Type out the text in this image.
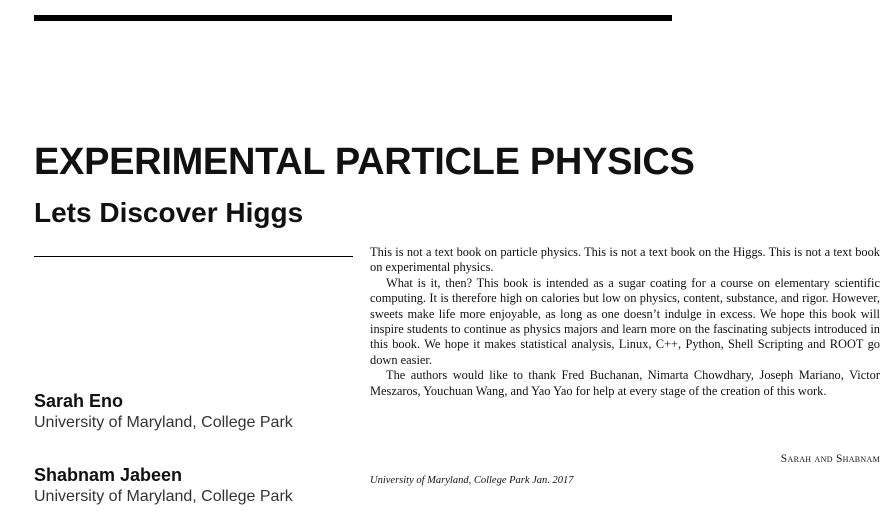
EXPERIMENTAL PARTICLE PHYSICS
Lets Discover Higgs
Sarah Eno
University of Maryland, College Park
Shabnam Jabeen
University of Maryland, College Park

This is not a text book on particle physics. This is not a text book on the Higgs. This is not a text book on experimental physics.

What is it, then? This book is intended as a sugar coating for a course on elementary scientific computing. It is therefore high on calories but low on physics, content, substance, and rigor. However, sweets make life more enjoyable, as long as one doesn’t indulge in excess. We hope this book will inspire students to continue as physics majors and learn more on the fascinating subjects introduced in this book. We hope it makes statistical analysis, Linux, C++, Python, Shell Scripting and ROOT go down easier.

The authors would like to thank Fred Buchanan, Nimarta Chowdhary, Joseph Mariano, Victor Meszaros, Youchuan Wang, and Yao Yao for help at every stage of the creation of this work.

Sarah and Shabnam
University of Maryland, College Park Jan. 2017
